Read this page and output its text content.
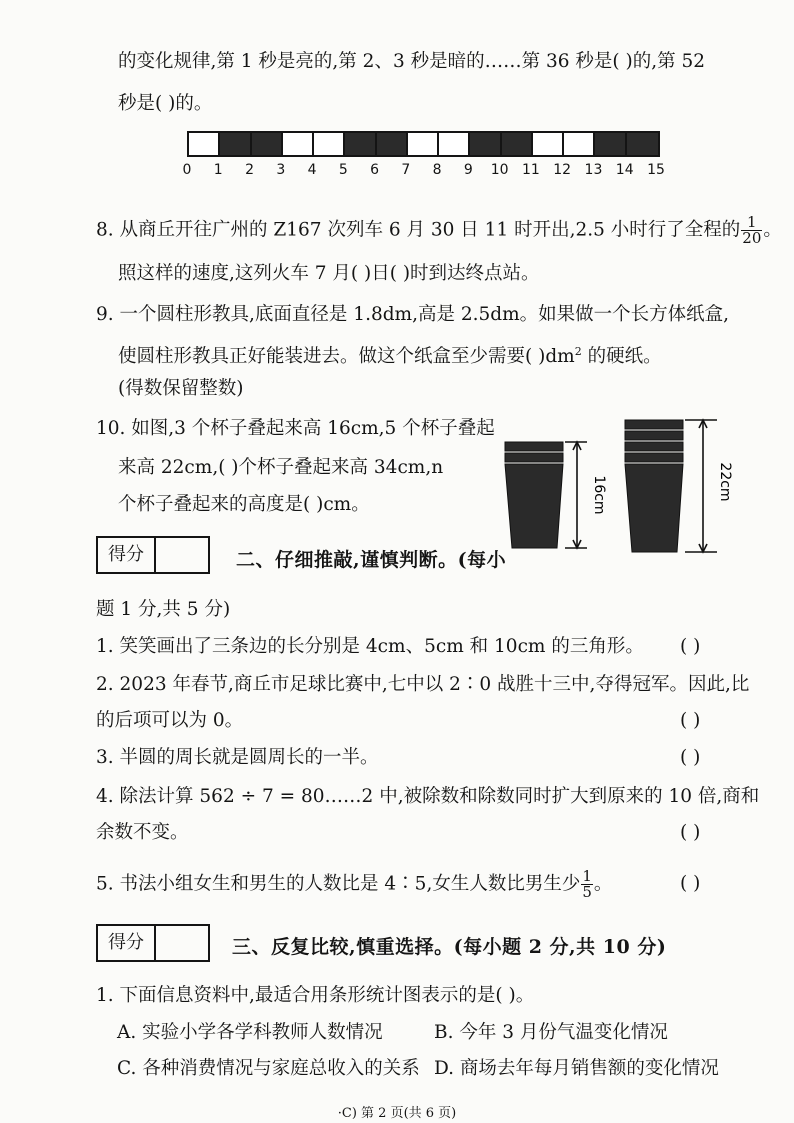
的变化规律,第 1 秒是亮的,第 2、3 秒是暗的……第 36 秒是( )的,第 52
秒是( )的。
0 1 2 3 4 5 6 7 8 9 10 11 12 13 14 15
8. 从商丘开往广州的 Z167 次列车 6 月 30 日 11 时开出,2.5 小时行了全程的 $\frac{1}{20}$ 。
照这样的速度,这列火车 7 月( )日( )时到达终点站。
9. 一个圆柱形教具,底面直径是 1.8dm,高是 2.5dm。如果做一个长方体纸盒,
使圆柱形教具正好能装进去。做这个纸盒至少需要( )$dm^2$ 的硬纸。
(得数保留整数)
10. 如图,3 个杯子叠起来高 16cm,5 个杯子叠起
来高 22cm,( )个杯子叠起来高 34cm,n
个杯子叠起来的高度是( )cm。	16cm	22cm
得分	二、仔细推敲,谨慎判断。(每小
题 1 分,共 5 分)
1. 笑笑画出了三条边的长分别是 4cm、5cm 和 10cm 的三角形。 ( )
2. 2023 年春节,商丘市足球比赛中,七中以 2∶0 战胜十三中,夺得冠军。因此,比
的后项可以为 0。	( )
3. 半圆的周长就是圆周长的一半。	( )
4. 除法计算 562 ÷ 7 = 80……2 中,被除数和除数同时扩大到原来的 10 倍,商和
余数不变。	( )
5. 书法小组女生和男生的人数比是 4∶5,女生人数比男生少 $\frac{1}{5}$ 。	( )
得分	三、反复比较,慎重选择。(每小题 2 分,共 10 分)
1. 下面信息资料中,最适合用条形统计图表示的是( )。
A. 实验小学各学科教师人数情况	B. 今年 3 月份气温变化情况
C. 各种消费情况与家庭总收入的关系 D. 商场去年每月销售额的变化情况
·C) 第 2 页(共 6 页)
